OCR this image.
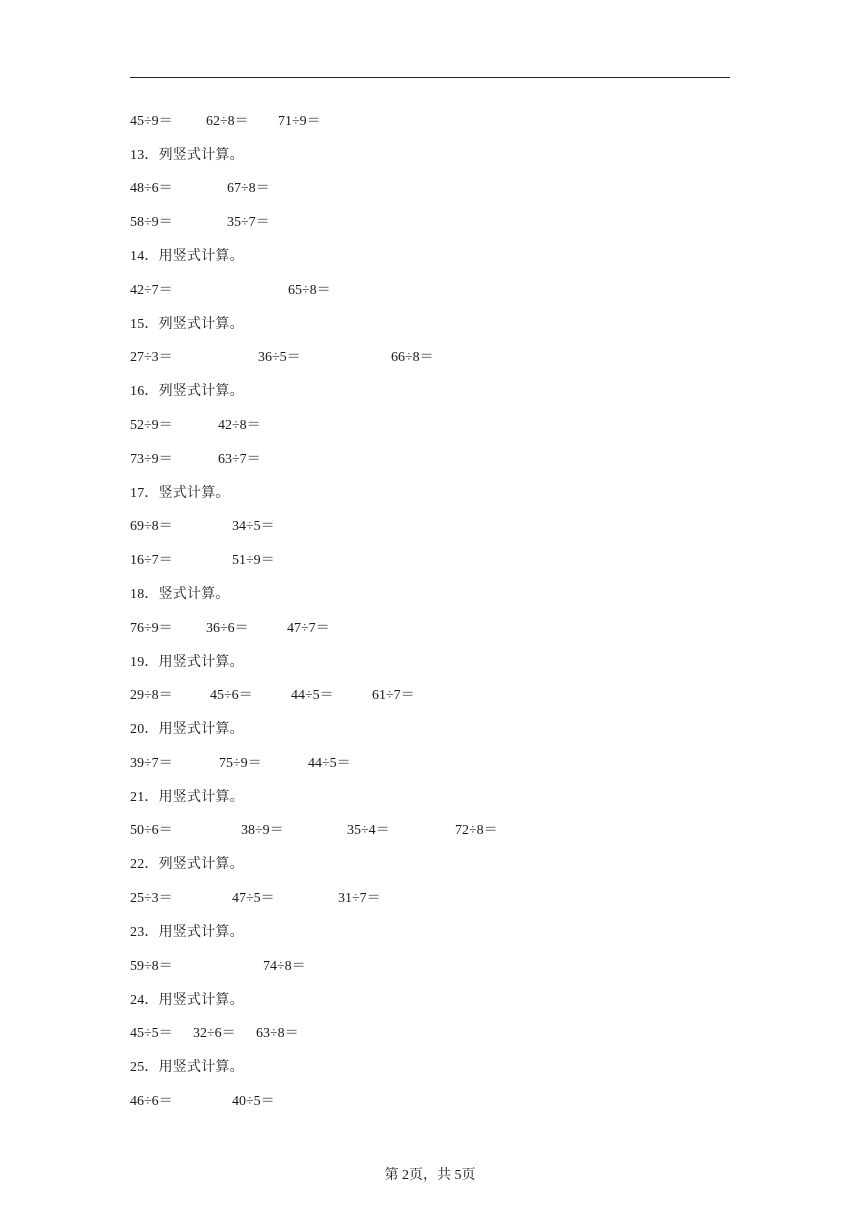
45÷9＝ 62÷8＝ 71÷9＝
13．列竖式计算。
48÷6＝	67÷8＝
58÷9＝	35÷7＝
14．用竖式计算。
42÷7＝	65÷8＝
15．列竖式计算。
27÷3＝	36÷5＝	66÷8＝
16．列竖式计算。
52÷9＝	42÷8＝
73÷9＝	63÷7＝
17．竖式计算。
69÷8＝	34÷5＝
16÷7＝	51÷9＝
18．竖式计算。
76÷9＝ 36÷6＝	47÷7＝
19．用竖式计算。
29÷8＝	45÷6＝	44÷5＝	61÷7＝
20．用竖式计算。
39÷7＝	75÷9＝	44÷5＝
21．用竖式计算。
50÷6＝	38÷9＝	35÷4＝	72÷8＝
22．列竖式计算。
25÷3＝	47÷5＝	31÷7＝
23．用竖式计算。
59÷8＝	74÷8＝
24．用竖式计算。
45÷5＝ 32÷6＝ 63÷8＝
25．用竖式计算。
46÷6＝	40÷5＝
第 2页，共 5页
